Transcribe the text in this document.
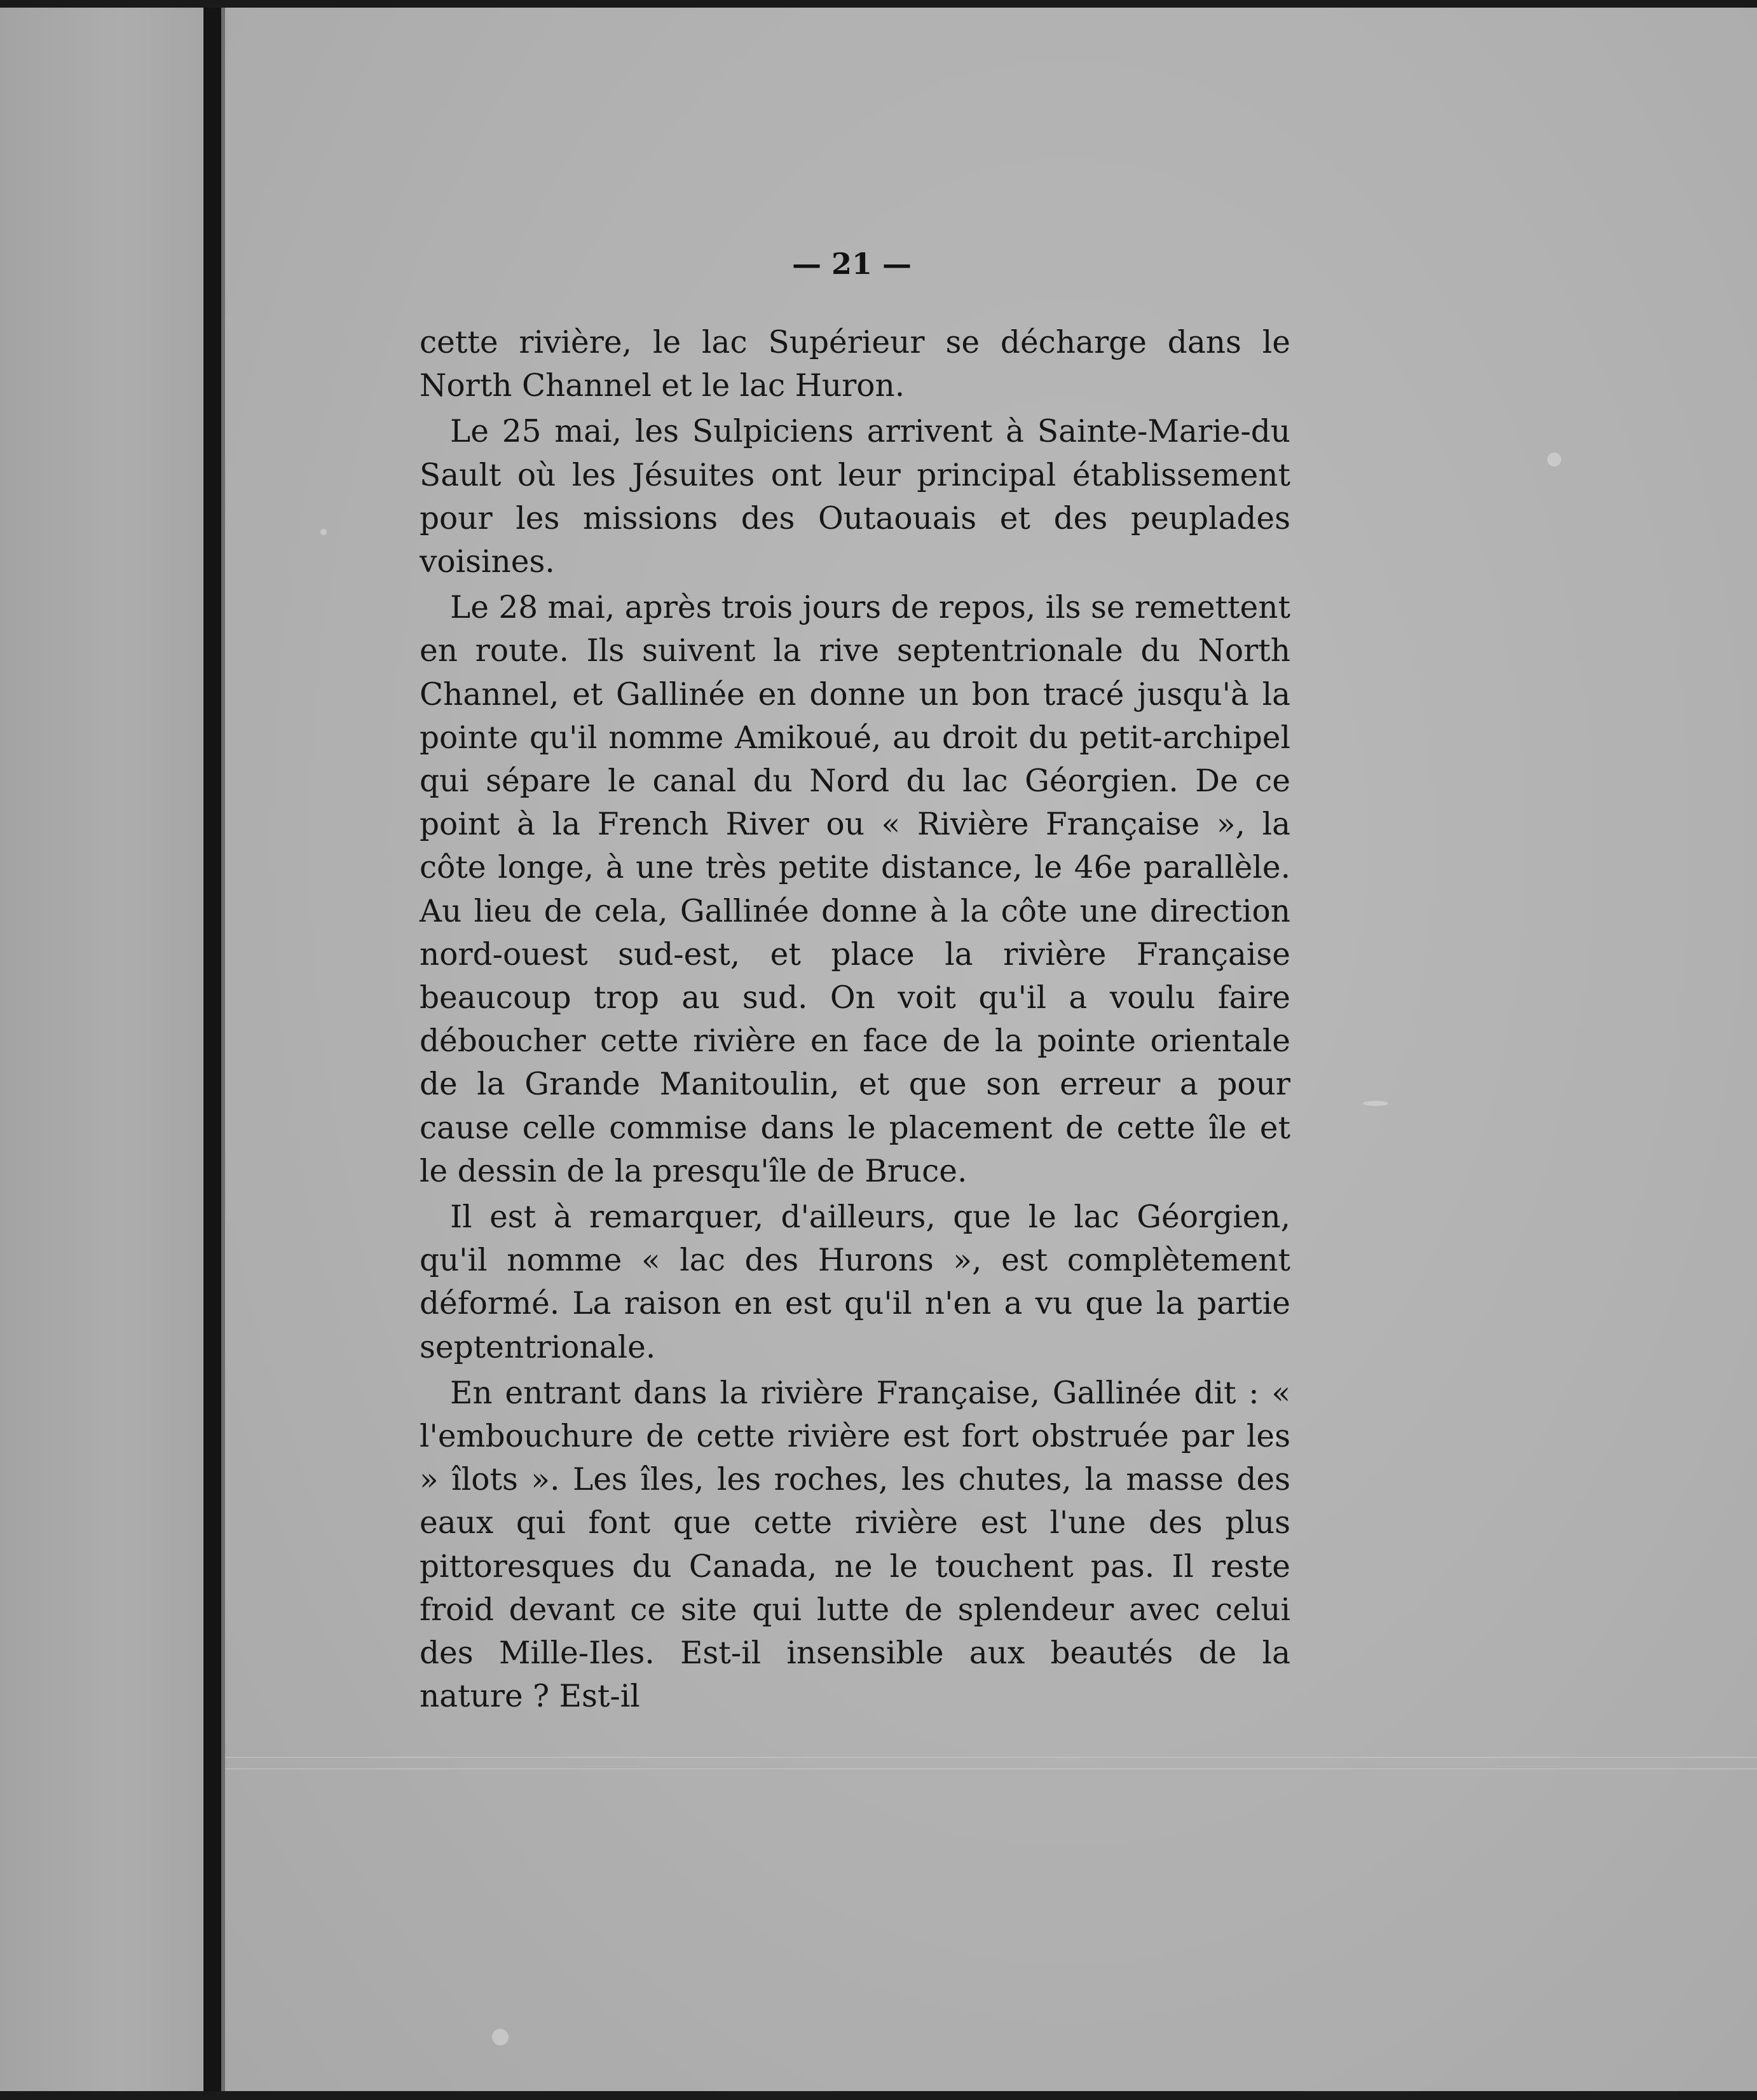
— 21 —

cette rivière, le lac Supérieur se décharge dans le North Channel et le lac Huron.

Le 25 mai, les Sulpiciens arrivent à Sainte-Marie-du Sault où les Jésuites ont leur principal établissement pour les missions des Outaouais et des peuplades voisines.

Le 28 mai, après trois jours de repos, ils se remettent en route. Ils suivent la rive septentrionale du North Channel, et Gallinée en donne un bon tracé jusqu'à la pointe qu'il nomme Amikoué, au droit du petit-archipel qui sépare le canal du Nord du lac Géorgien. De ce point à la French River ou « Rivière Française », la côte longe, à une très petite distance, le 46e parallèle. Au lieu de cela, Gallinée donne à la côte une direction nord-ouest sud-est, et place la rivière Française beaucoup trop au sud. On voit qu'il a voulu faire déboucher cette rivière en face de la pointe orientale de la Grande Manitoulin, et que son erreur a pour cause celle commise dans le placement de cette île et le dessin de la presqu'île de Bruce.

Il est à remarquer, d'ailleurs, que le lac Géorgien, qu'il nomme « lac des Hurons », est complètement déformé. La raison en est qu'il n'en a vu que la partie septentrionale.

En entrant dans la rivière Française, Gallinée dit : « l'embouchure de cette rivière est fort obstruée par les » îlots ». Les îles, les roches, les chutes, la masse des eaux qui font que cette rivière est l'une des plus pittoresques du Canada, ne le touchent pas. Il reste froid devant ce site qui lutte de splendeur avec celui des Mille-Iles. Est-il insensible aux beautés de la nature ? Est-il
